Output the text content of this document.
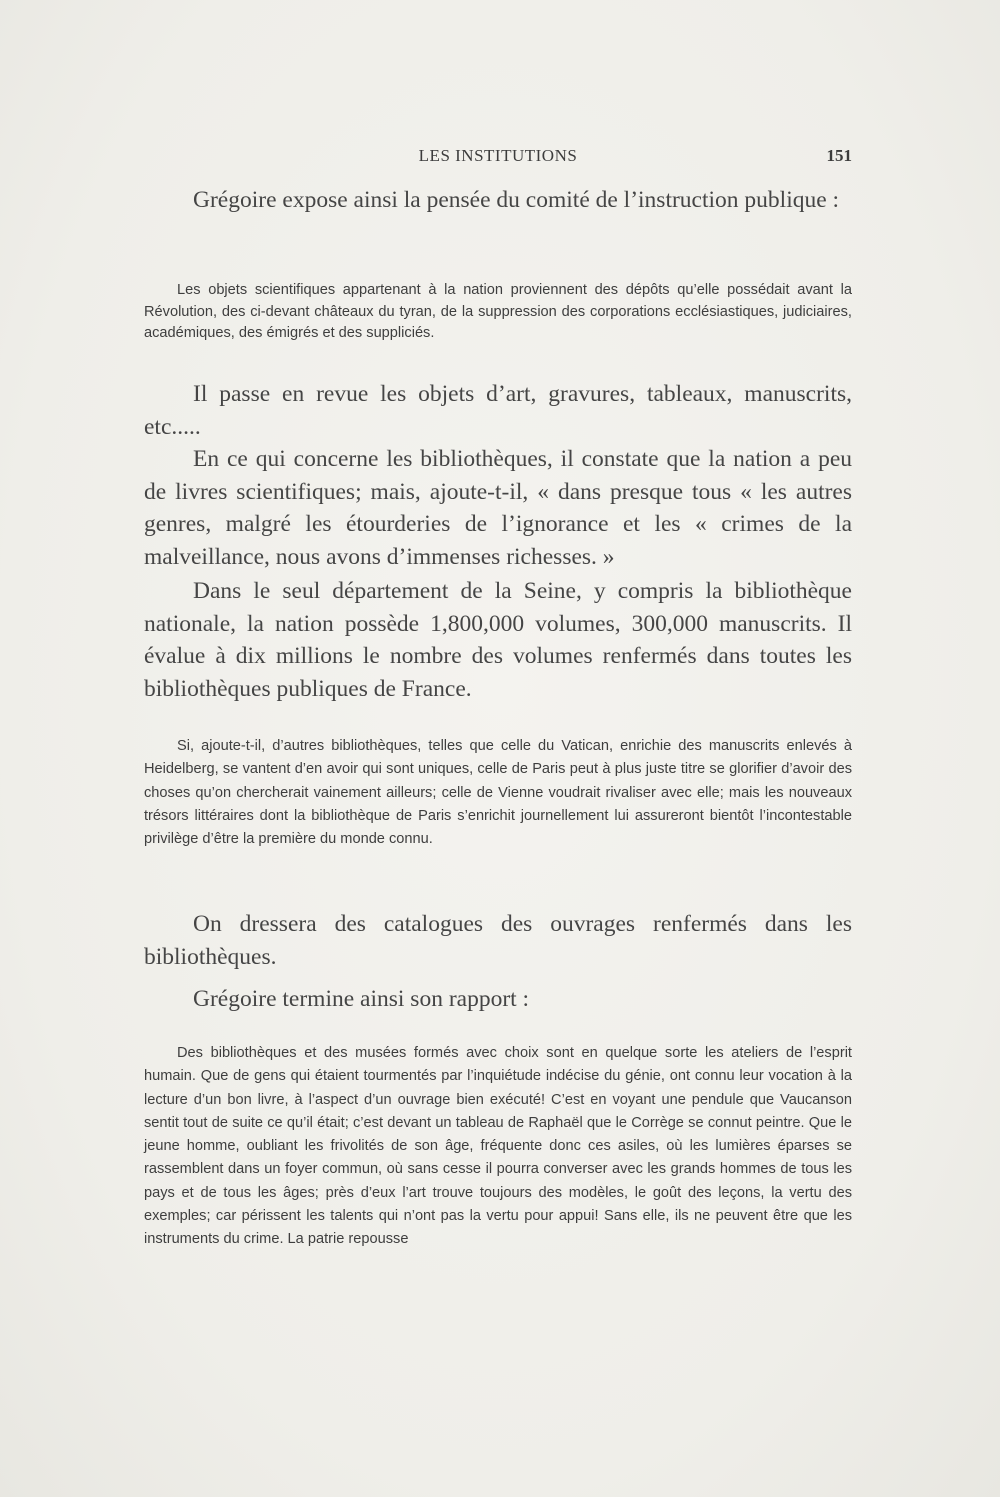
LES INSTITUTIONS	151

Grégoire expose ainsi la pensée du comité de l’instruction publique :

Les objets scientifiques appartenant à la nation proviennent des dépôts qu’elle possédait avant la Révolution, des ci-devant châteaux du tyran, de la suppression des corporations ecclésiastiques, judiciaires, académiques, des émigrés et des suppliciés.

Il passe en revue les objets d’art, gravures, tableaux, manuscrits, etc.....

En ce qui concerne les bibliothèques, il constate que la nation a peu de livres scientifiques; mais, ajoute-t-il, « dans presque tous « les autres genres, malgré les étourderies de l’ignorance et les « crimes de la malveillance, nous avons d’immenses richesses. »

Dans le seul département de la Seine, y compris la bibliothèque nationale, la nation possède 1,800,000 volumes, 300,000 manuscrits. Il évalue à dix millions le nombre des volumes renfermés dans toutes les bibliothèques publiques de France.

Si, ajoute-t-il, d’autres bibliothèques, telles que celle du Vatican, enrichie des manuscrits enlevés à Heidelberg, se vantent d’en avoir qui sont uniques, celle de Paris peut à plus juste titre se glorifier d’avoir des choses qu’on chercherait vainement ailleurs; celle de Vienne voudrait rivaliser avec elle; mais les nouveaux trésors littéraires dont la bibliothèque de Paris s’enrichit journellement lui assureront bientôt l’incontestable privilège d’être la première du monde connu.

On dressera des catalogues des ouvrages renfermés dans les bibliothèques.

Grégoire termine ainsi son rapport :

Des bibliothèques et des musées formés avec choix sont en quelque sorte les ateliers de l’esprit humain. Que de gens qui étaient tourmentés par l’inquiétude indécise du génie, ont connu leur vocation à la lecture d’un bon livre, à l’aspect d’un ouvrage bien exécuté! C’est en voyant une pendule que Vaucanson sentit tout de suite ce qu’il était; c’est devant un tableau de Raphaël que le Corrège se connut peintre. Que le jeune homme, oubliant les frivolités de son âge, fréquente donc ces asiles, où les lumières éparses se rassemblent dans un foyer commun, où sans cesse il pourra converser avec les grands hommes de tous les pays et de tous les âges; près d’eux l’art trouve toujours des modèles, le goût des leçons, la vertu des exemples; car périssent les talents qui n’ont pas la vertu pour appui! Sans elle, ils ne peuvent être que les instruments du crime. La patrie repousse
